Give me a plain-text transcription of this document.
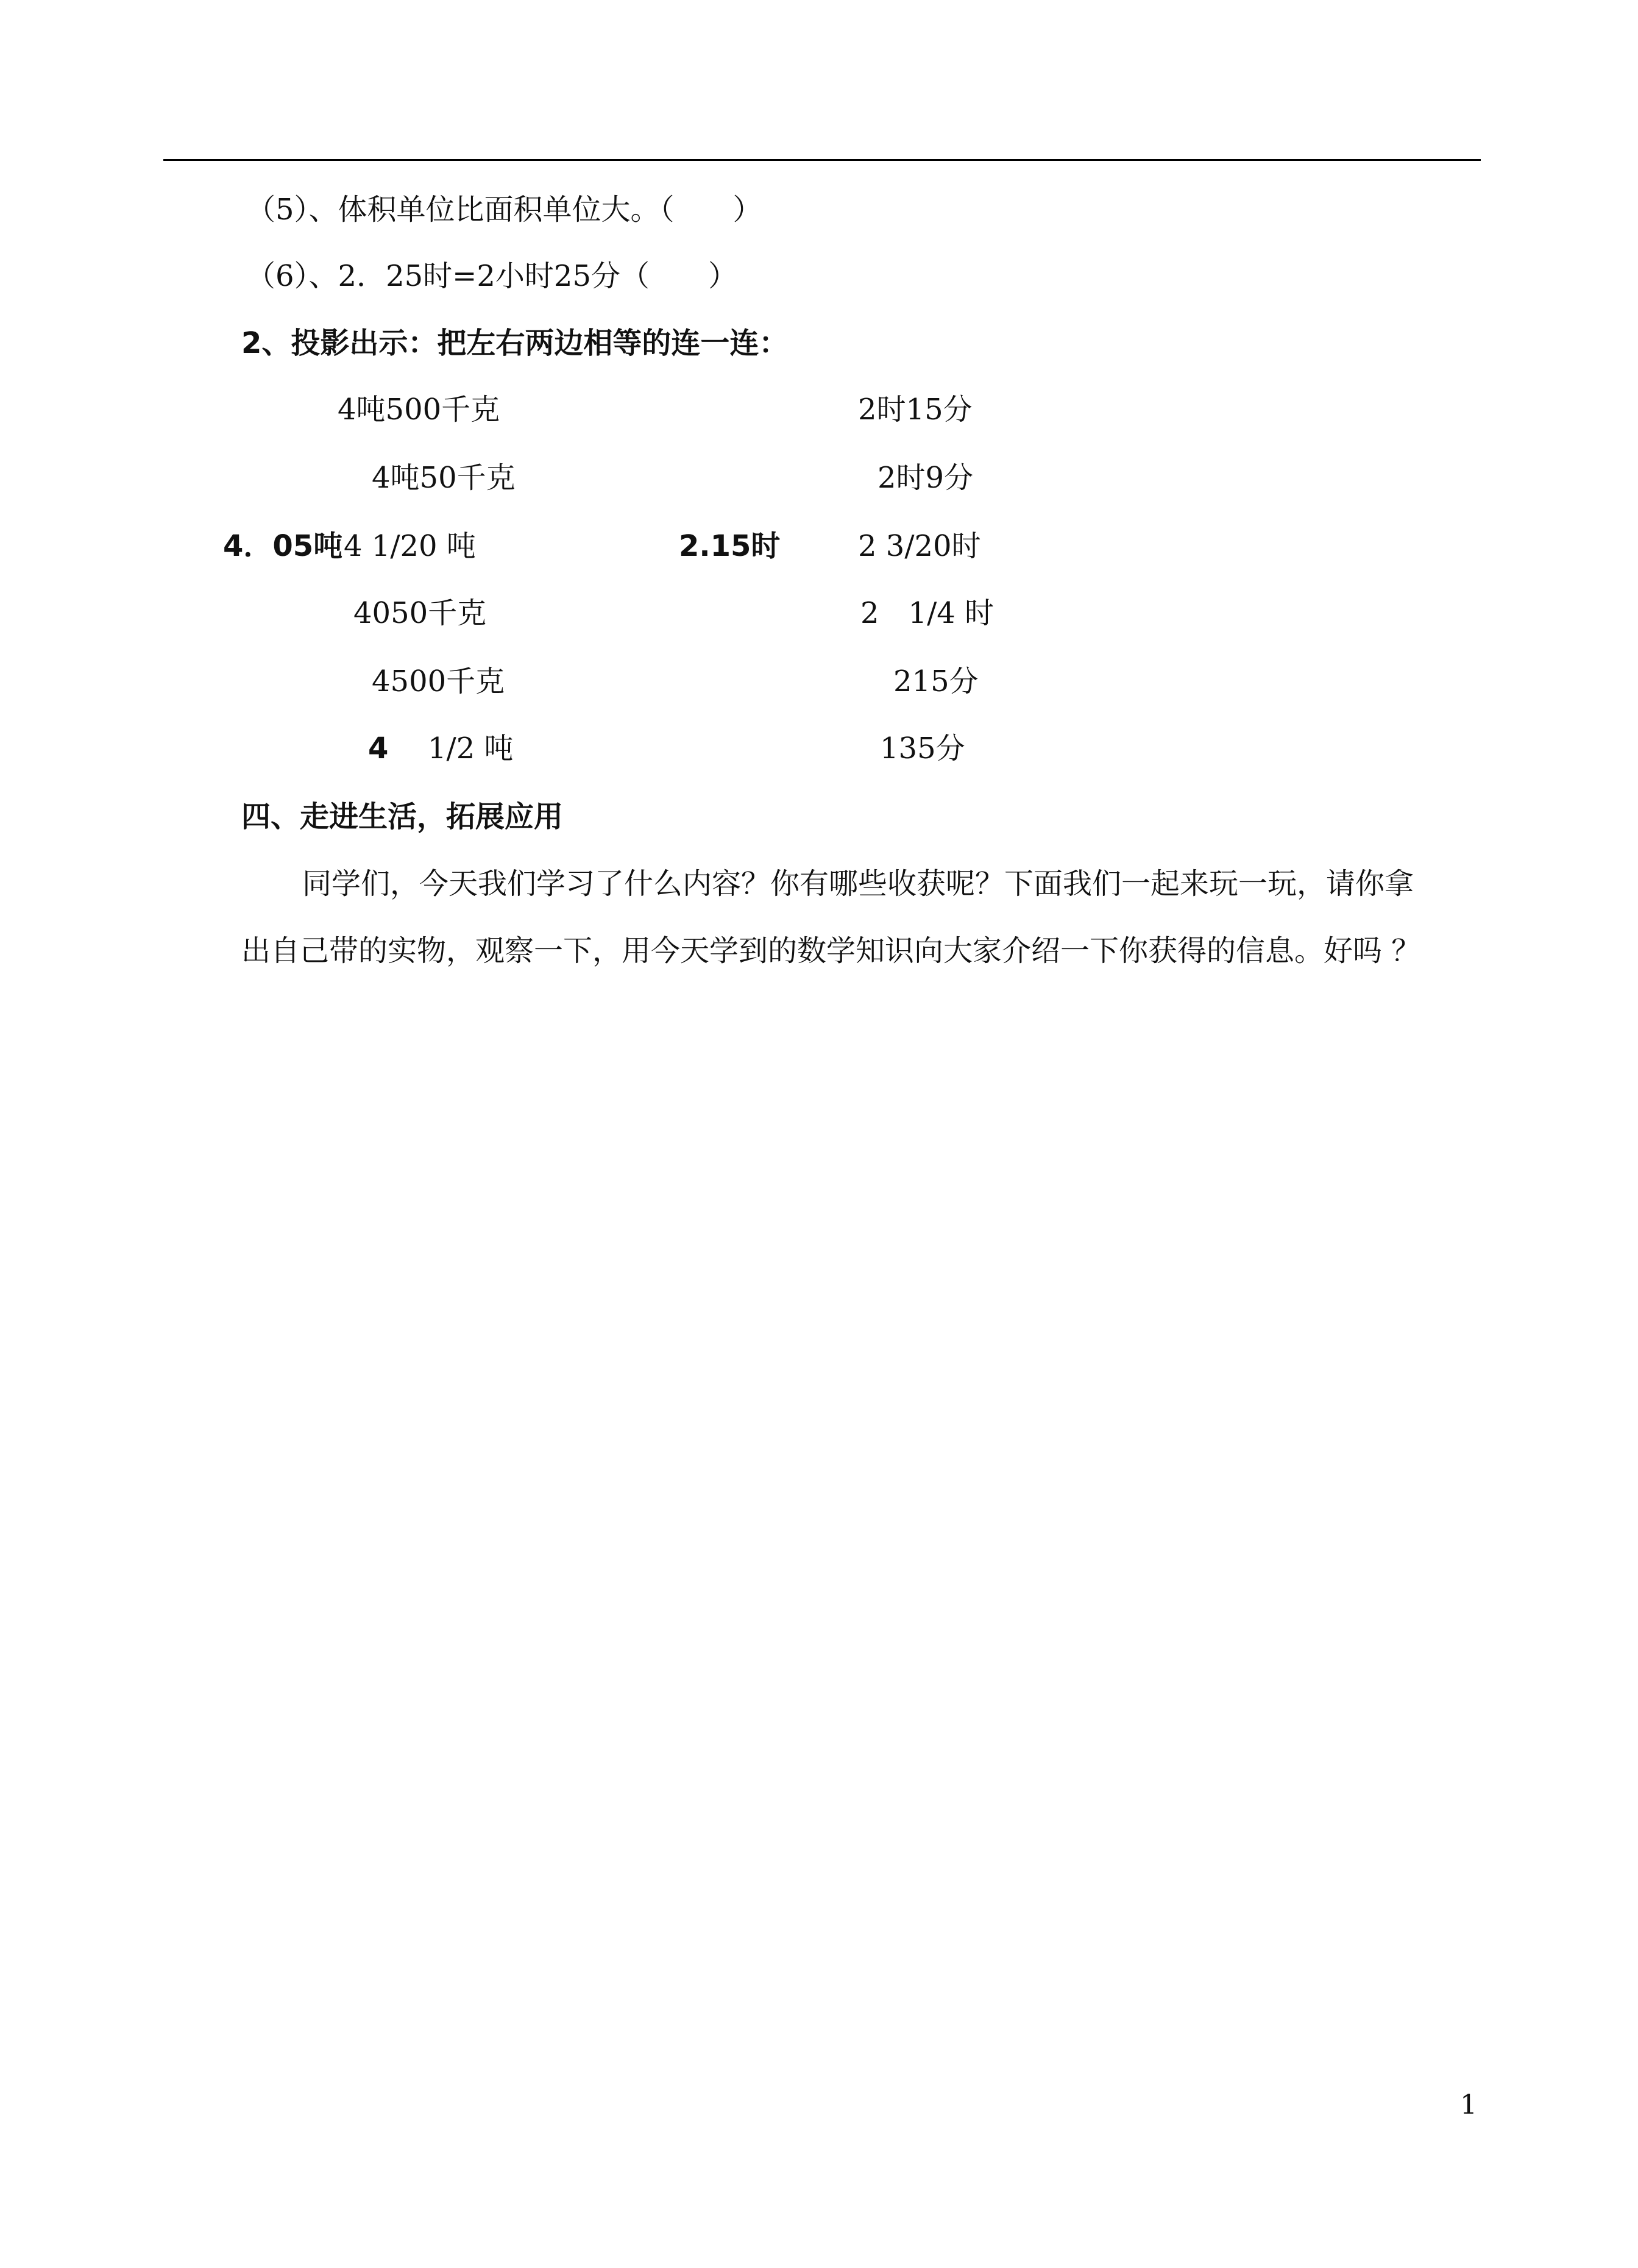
（5）、体积单位比面积单位大。（　　）
（6）、2．25时=2小时25分（　　）
2、投影出示：把左右两边相等的连一连：
4吨500千克
4吨50千克
4．05吨 4 1/20 吨
4050千克
4500千克
4 1/2 吨
2时15分
2时9分
2.15时	2 3/20时
2　1/4 时
215分
135分
四、走进生活，拓展应用
同学们，今天我们学习了什么内容？你有哪些收获呢？下面我们一起来玩一玩，请你拿
出自己带的实物，观察一下，用今天学到的数学知识向大家介绍一下你获得的信息。好吗 ？
1
